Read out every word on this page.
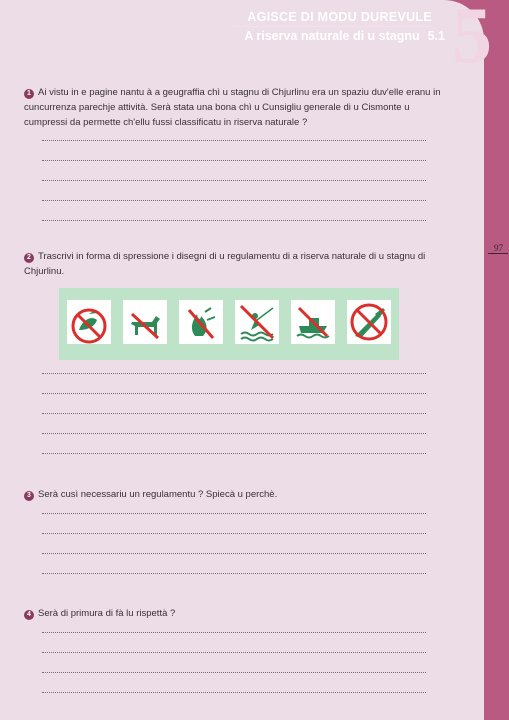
AGISCE DI MODU DUREVULE
A riserva naturale di u stagnu 5.1 5
97
1 Ai vistu in e pagine nantu à a geugraffia chì u stagnu di Chjurlinu era un spaziu duv'elle eranu in cuncurrenza parechje attività. Serà stata una bona chì u Cunsigliu generale di u Cismonte u cumpressi da permette ch'ellu fussi classificatu in riserva naturale ?
2 Trascrivi in forma di spressione i disegni di u regulamentu di a riserva naturale di u stagnu di Chjurlinu.
3 Serà cusì necessariu un regulamentu ? Spiecà u perchè.
4 Serà di primura di fà lu rispettà ?
